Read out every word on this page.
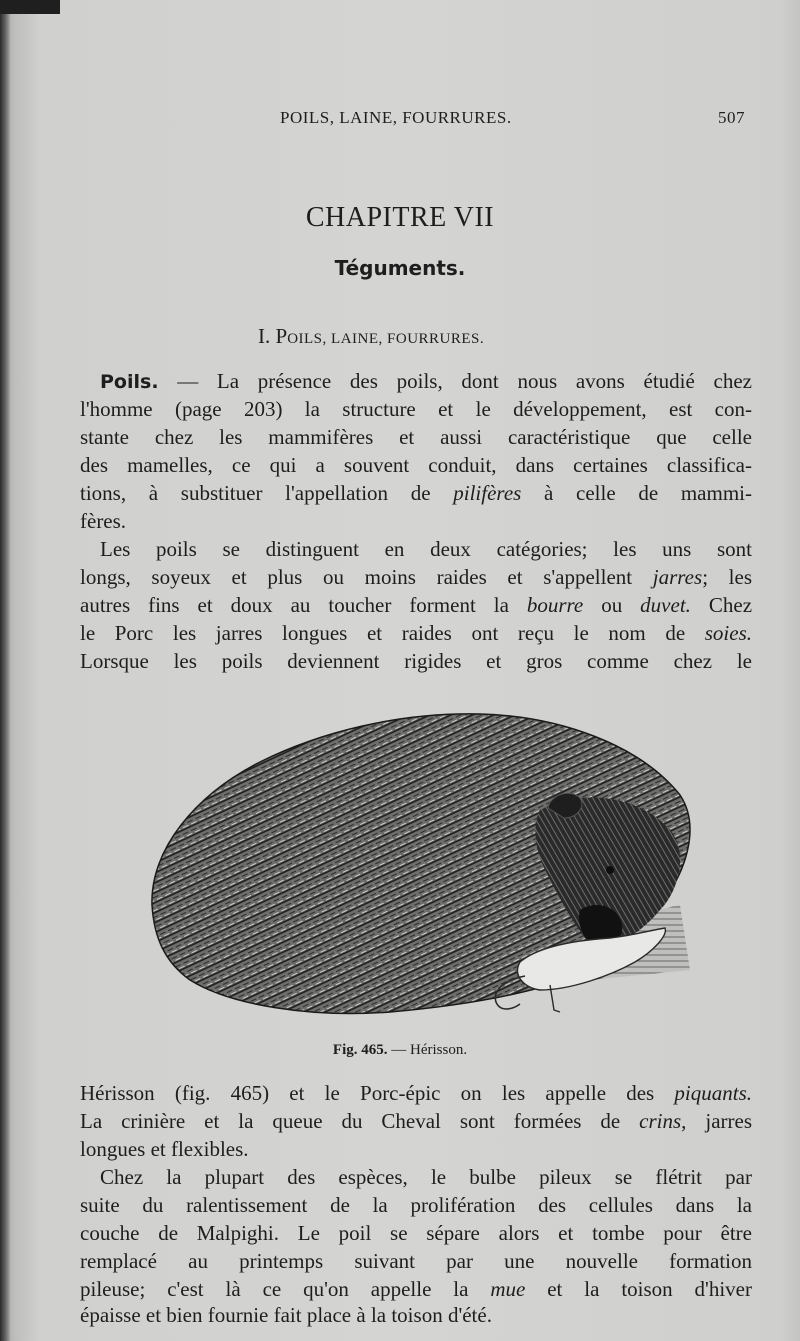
POILS, LAINE, FOURRURES.	507
CHAPITRE VII
Téguments.
I. POILS, LAINE, FOURRURES.
Poils. — La présence des poils, dont nous avons étudié chez
l'homme (page 203) la structure et le développement, est con-
stante chez les mammifères et aussi caractéristique que celle
des mamelles, ce qui a souvent conduit, dans certaines classifica-
tions, à substituer l'appellation de pilifères à celle de mammi-
fères.
Les poils se distinguent en deux catégories; les uns sont
longs, soyeux et plus ou moins raides et s'appellent jarres; les
autres fins et doux au toucher forment la bourre ou duvet. Chez
le Porc les jarres longues et raides ont reçu le nom de soies.
Lorsque les poils deviennent rigides et gros comme chez le
Fig. 465. — Hérisson.
Hérisson (fig. 465) et le Porc-épic on les appelle des piquants.
La crinière et la queue du Cheval sont formées de crins, jarres
longues et flexibles.
Chez la plupart des espèces, le bulbe pileux se flétrit par
suite du ralentissement de la prolifération des cellules dans la
couche de Malpighi. Le poil se sépare alors et tombe pour être
remplacé au printemps suivant par une nouvelle formation
pileuse; c'est là ce qu'on appelle la mue et la toison d'hiver
épaisse et bien fournie fait place à la toison d'été.
